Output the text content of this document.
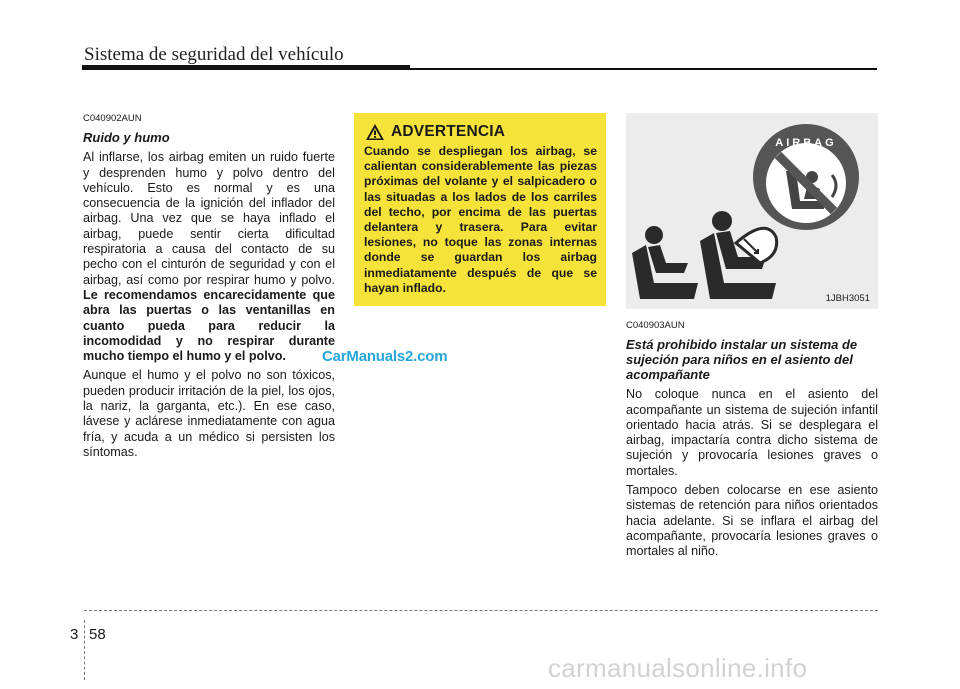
Sistema de seguridad del vehículo

C040902AUN

Ruido y humo

Al inflarse, los airbag emiten un ruido fuerte y desprenden humo y polvo dentro del vehículo. Esto es normal y es una consecuencia de la ignición del inflador del airbag. Una vez que se haya inflado el airbag, puede sentir cierta dificultad respiratoria a causa del contacto de su pecho con el cinturón de seguridad y con el airbag, así como por respirar humo y polvo. Le recomendamos encarecidamente que abra las puertas o las ventanillas en cuanto pueda para reducir la incomodidad y no respirar durante mucho tiempo el humo y el polvo.

Aunque el humo y el polvo no son tóxicos, pueden producir irritación de la piel, los ojos, la nariz, la garganta, etc.). En ese caso, lávese y aclárese inmediatamente con agua fría, y acuda a un médico si persisten los síntomas.

ADVERTENCIA

Cuando se despliegan los airbag, se calientan considerablemente las piezas próximas del volante y el salpicadero o las situadas a los lados de los carriles del techo, por encima de las puertas delantera y trasera. Para evitar lesiones, no toque las zonas internas donde se guardan los airbag inmediatamente después de que se hayan inflado.

AIRBAG
1JBH3051

C040903AUN

Está prohibido instalar un sistema de sujeción para niños en el asiento del acompañante

No coloque nunca en el asiento del acompañante un sistema de sujeción infantil orientado hacia atrás. Si se desplegara el airbag, impactaría contra dicho sistema de sujeción y provocaría lesiones graves o mortales.

Tampoco deben colocarse en ese asiento sistemas de retención para niños orientados hacia adelante. Si se inflara el airbag del acompañante, provocaría lesiones graves o mortales al niño.

CarManuals2.com
3 58
carmanualsonline.info
